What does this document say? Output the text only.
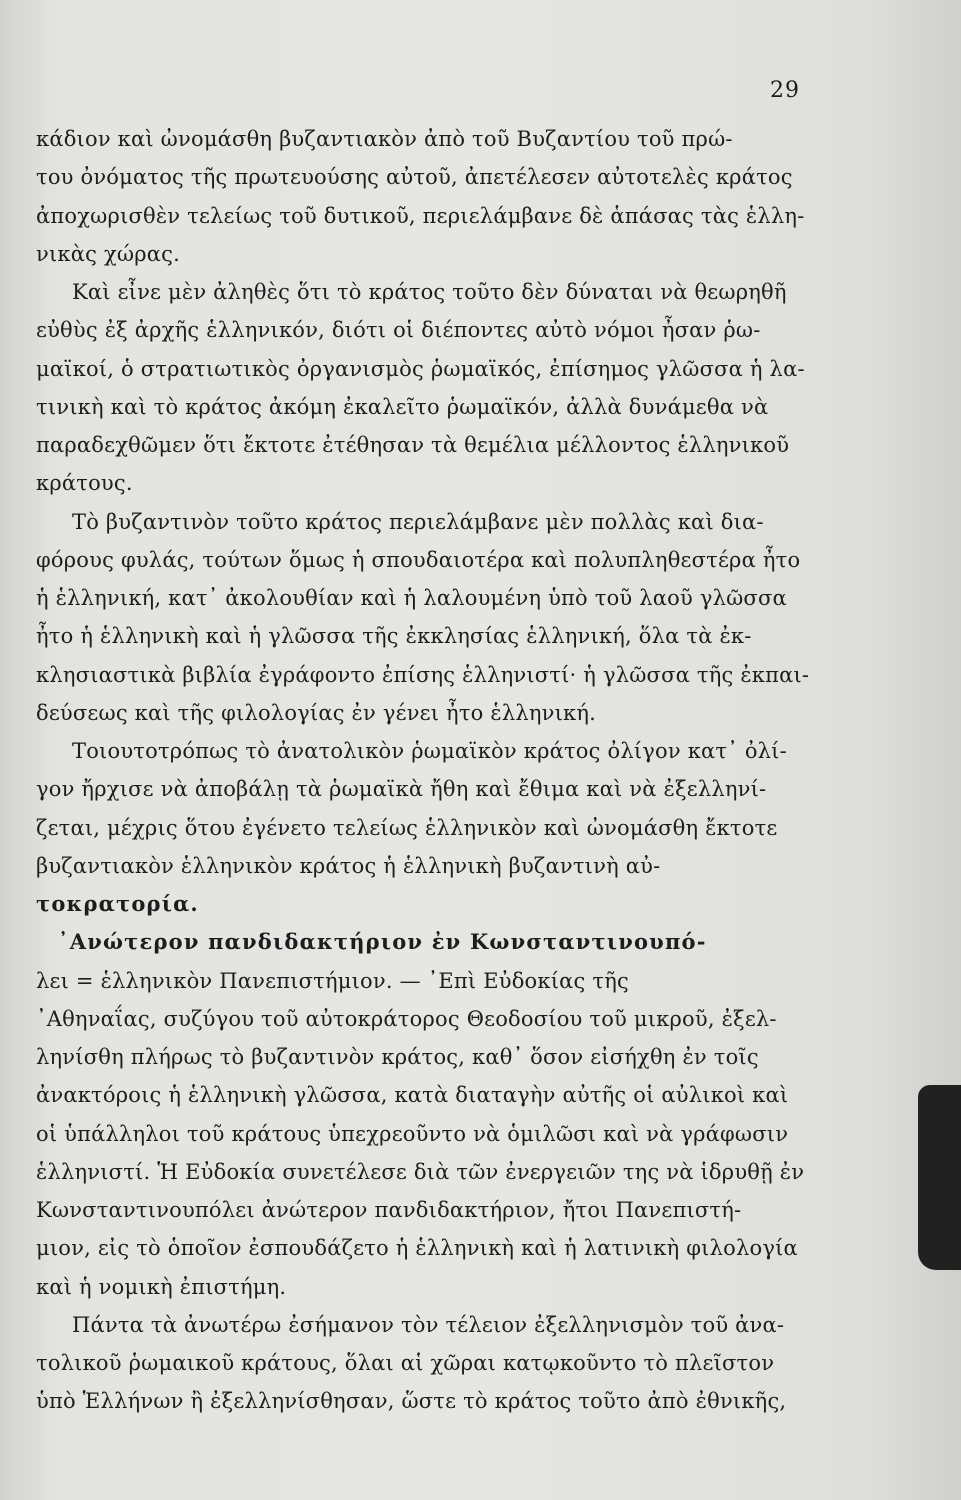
29
κάδιον καὶ ὠνομάσθη βυζαντιακὸν ἀπὸ τοῦ Βυζαντίου τοῦ πρώ-
του ὀνόματος τῆς πρωτευούσης αὐτοῦ, ἀπετέλεσεν αὐτοτελὲς κράτος
ἀποχωρισθὲν τελείως τοῦ δυτικοῦ, περιελάμβανε δὲ ἁπάσας τὰς ἑλλη-
νικὰς χώρας.
Καὶ εἶνε μὲν ἀληθὲς ὅτι τὸ κράτος τοῦτο δὲν δύναται νὰ θεωρηθῆ
εὐθὺς ἐξ ἀρχῆς ἑλληνικόν, διότι οἱ διέποντες αὐτὸ νόμοι ἦσαν ῥω-
μαϊκοί, ὁ στρατιωτικὸς ὀργανισμὸς ῥωμαϊκός, ἐπίσημος γλῶσσα ἡ λα-
τινικὴ καὶ τὸ κράτος ἀκόμη ἐκαλεῖτο ῥωμαϊκόν, ἀλλὰ δυνάμεθα νὰ
παραδεχθῶμεν ὅτι ἔκτοτε ἐτέθησαν τὰ θεμέλια μέλλοντος ἑλληνικοῦ
κράτους.
Τὸ βυζαντινὸν τοῦτο κράτος περιελάμβανε μὲν πολλὰς καὶ δια-
φόρους φυλάς, τούτων ὅμως ἡ σπουδαιοτέρα καὶ πολυπληθεστέρα ἦτο
ἡ ἑλληνική, κατ᾿ ἀκολουθίαν καὶ ἡ λαλουμένη ὑπὸ τοῦ λαοῦ γλῶσσα
ἦτο ἡ ἑλληνικὴ καὶ ἡ γλῶσσα τῆς ἐκκλησίας ἑλληνική, ὅλα τὰ ἐκ-
κλησιαστικὰ βιβλία ἐγράφοντο ἐπίσης ἑλληνιστί· ἡ γλῶσσα τῆς ἐκπαι-
δεύσεως καὶ τῆς φιλολογίας ἐν γένει ἦτο ἑλληνική.
Τοιουτοτρόπως τὸ ἀνατολικὸν ῥωμαϊκὸν κράτος ὀλίγον κατ᾿ ὀλί-
γον ἤρχισε νὰ ἀποβάλῃ τὰ ῥωμαϊκὰ ἤθη καὶ ἔθιμα καὶ νὰ ἐξελληνί-
ζεται, μέχρις ὅτου ἐγένετο τελείως ἑλληνικὸν καὶ ὠνομάσθη ἔκτοτε
βυζαντιακὸν ἑλληνικὸν κράτος ἡ ἑλληνικὴ βυζαντινὴ αὐ-
τοκρατορία.
᾿Ανώτερον πανδιδακτήριον ἐν Κωνσταντινουπό-
λει = ἑλληνικὸν Πανεπιστήμιον. — ᾿Επὶ Εὐδοκίας τῆς
᾿Αθηναΐας, συζύγου τοῦ αὐτοκράτορος Θεοδοσίου τοῦ μικροῦ, ἐξελ-
ληνίσθη πλήρως τὸ βυζαντινὸν κράτος, καθ᾿ ὅσον εἰσήχθη ἐν τοῖς
ἀνακτόροις ἡ ἑλληνικὴ γλῶσσα, κατὰ διαταγὴν αὐτῆς οἱ αὐλικοὶ καὶ
οἱ ὑπάλληλοι τοῦ κράτους ὑπεχρεοῦντο νὰ ὁμιλῶσι καὶ νὰ γράφωσιν
ἑλληνιστί. Ἡ Εὐδοκία συνετέλεσε διὰ τῶν ἐνεργειῶν της νὰ ἱδρυθῇ ἐν
Κωνσταντινουπόλει ἀνώτερον πανδιδακτήριον, ἤτοι Πανεπιστή-
μιον, εἰς τὸ ὁποῖον ἐσπουδάζετο ἡ ἑλληνικὴ καὶ ἡ λατινικὴ φιλολογία
καὶ ἡ νομικὴ ἐπιστήμη.
Πάντα τὰ ἀνωτέρω ἐσήμανον τὸν τέλειον ἐξελληνισμὸν τοῦ ἀνα-
τολικοῦ ῥωμαικοῦ κράτους, ὅλαι αἱ χῶραι κατῳκοῦντο τὸ πλεῖστον
ὑπὸ Ἑλλήνων ἢ ἐξελληνίσθησαν, ὥστε τὸ κράτος τοῦτο ἀπὸ ἐθνικῆς,
